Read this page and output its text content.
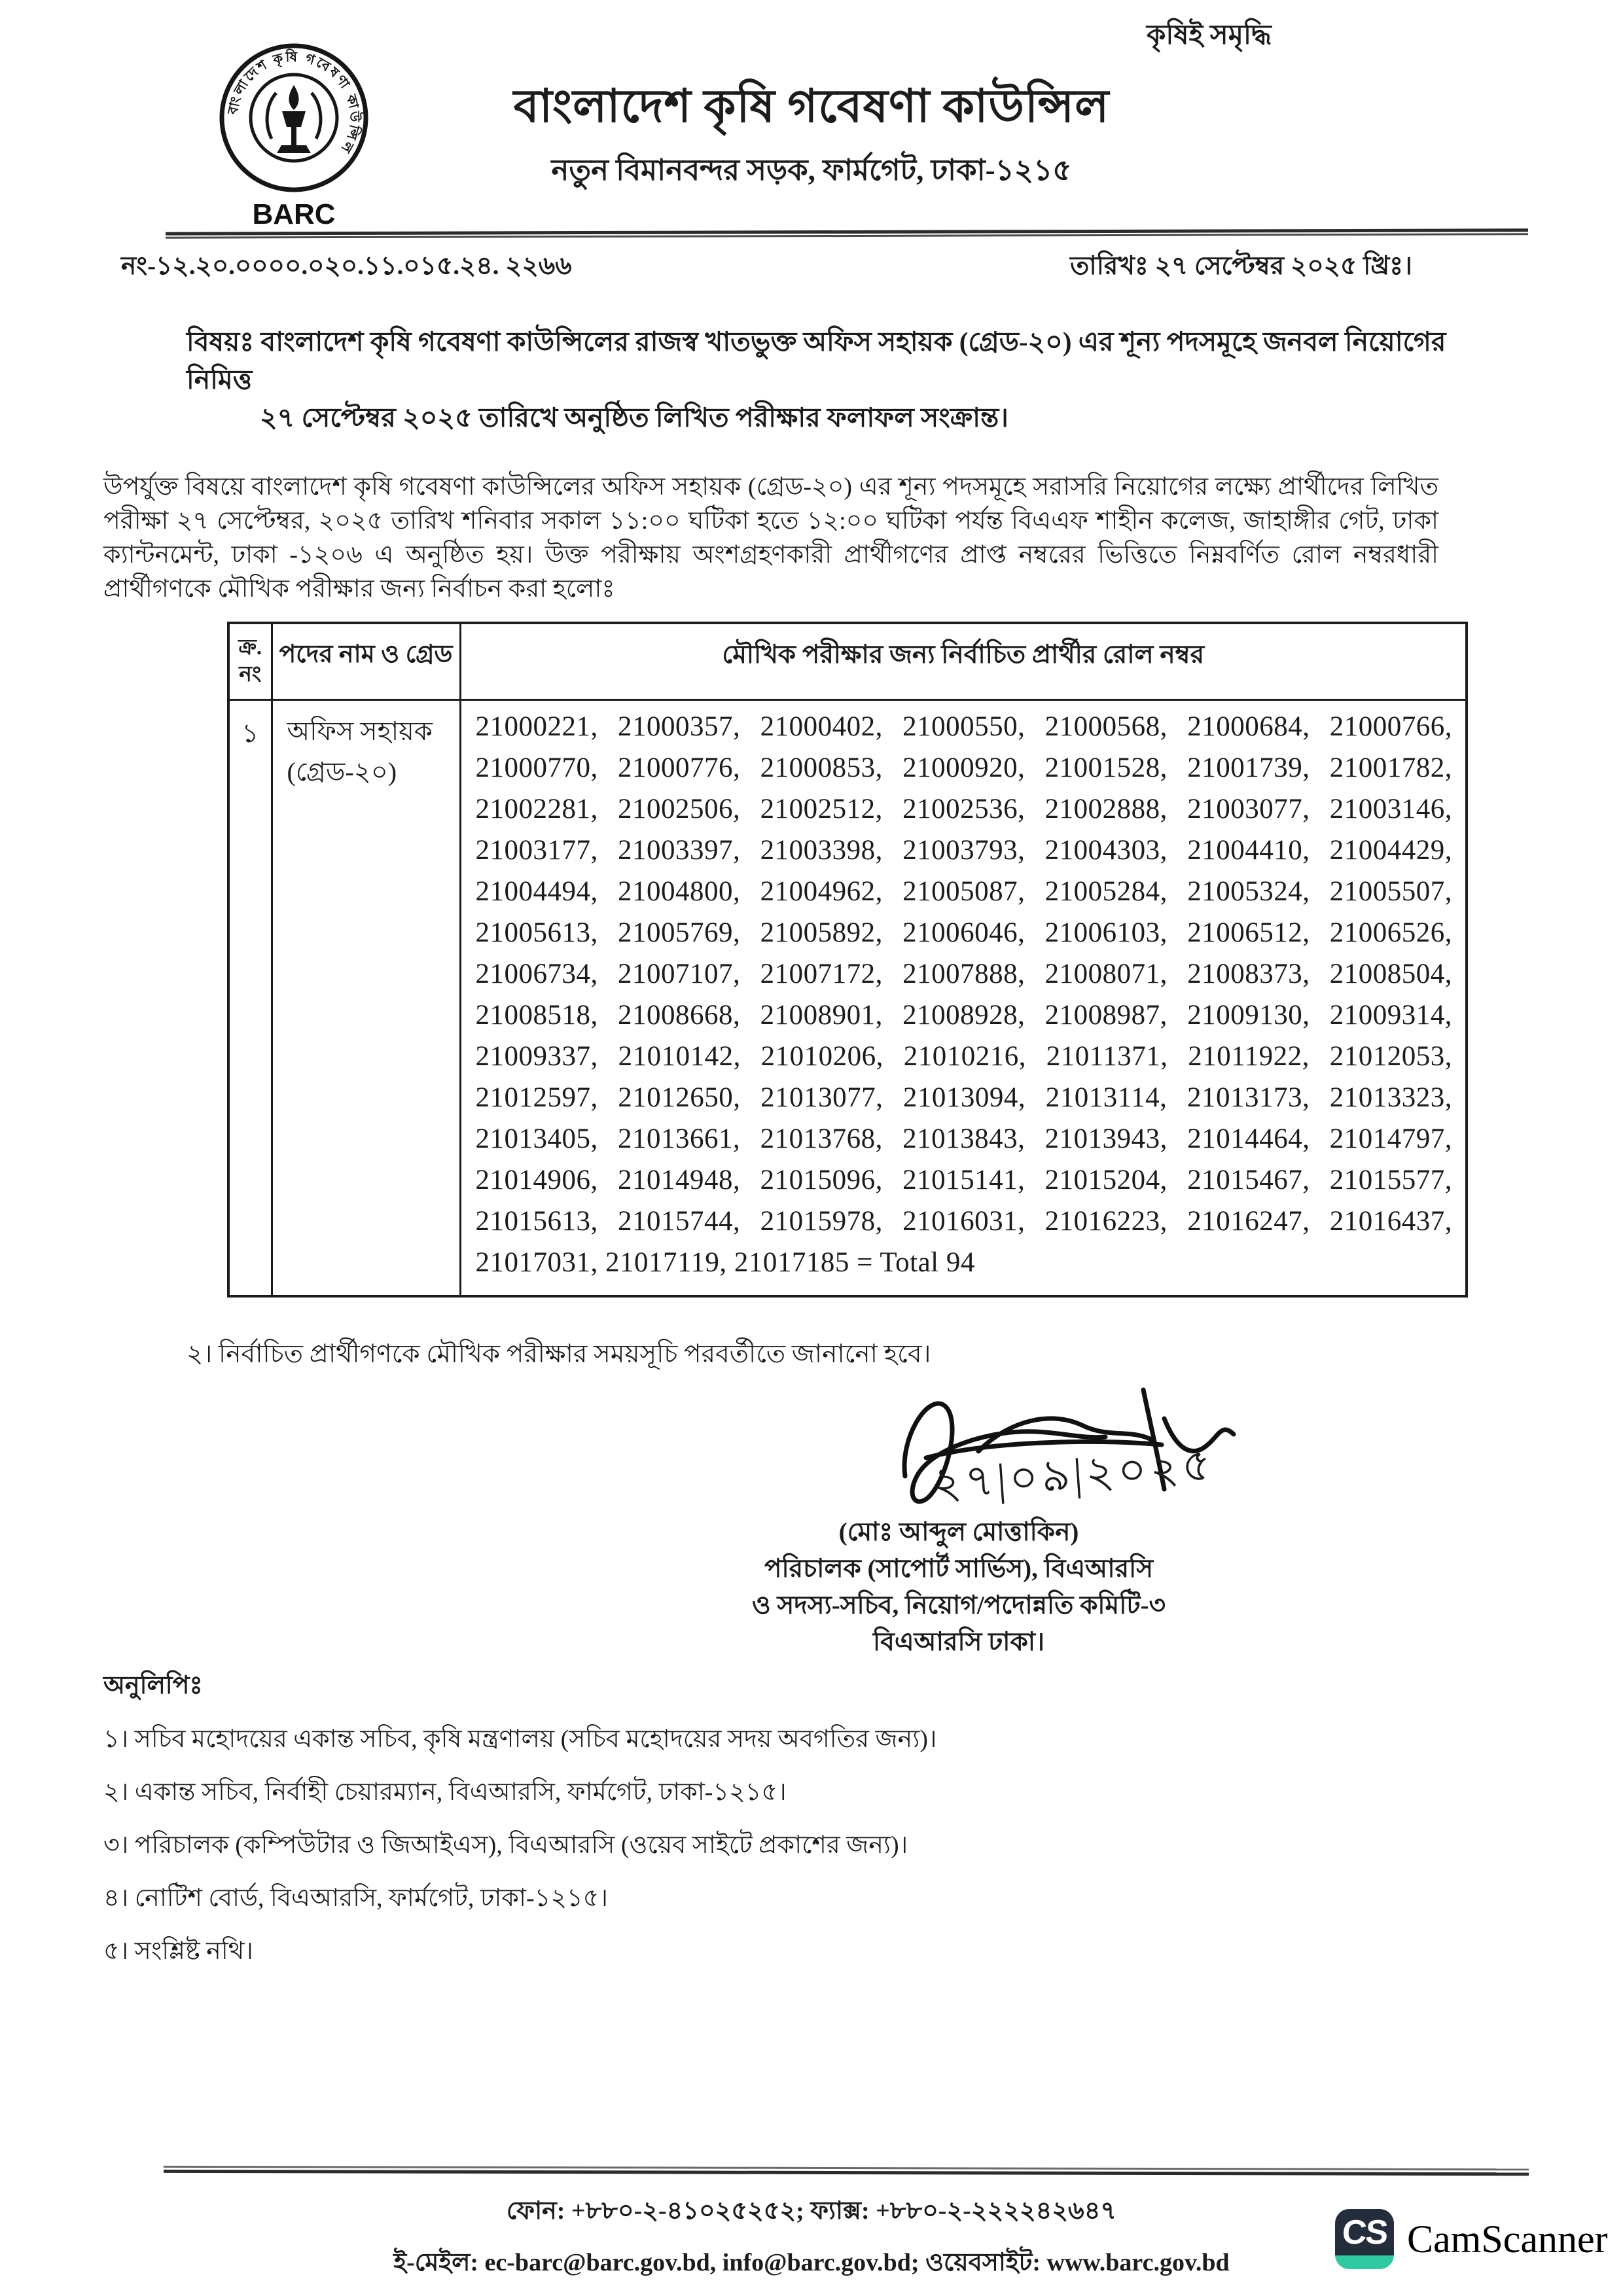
কৃষিই সমৃদ্ধি
বাংলাদেশ কৃষি গবেষণা কাউন্সিল
BARC
বাংলাদেশ কৃষি গবেষণা কাউন্সিল
নতুন বিমানবন্দর সড়ক, ফার্মগেট, ঢাকা-১২১৫
নং-১২.২০.০০০০.০২০.১১.০১৫.২৪. ২২৬৬	তারিখঃ ২৭ সেপ্টেম্বর ২০২৫ খ্রিঃ।
বিষয়ঃ বাংলাদেশ কৃষি গবেষণা কাউন্সিলের রাজস্ব খাতভুক্ত অফিস সহায়ক (গ্রেড-২০) এর শূন্য পদসমূহে জনবল নিয়োগের নিমিত্ত
২৭ সেপ্টেম্বর ২০২৫ তারিখে অনুষ্ঠিত লিখিত পরীক্ষার ফলাফল সংক্রান্ত।
উপর্যুক্ত বিষয়ে বাংলাদেশ কৃষি গবেষণা কাউন্সিলের অফিস সহায়ক (গ্রেড-২০) এর শূন্য পদসমূহে সরাসরি নিয়োগের লক্ষ্যে প্রার্থীদের লিখিত পরীক্ষা ২৭ সেপ্টেম্বর, ২০২৫ তারিখ শনিবার সকাল ১১:০০ ঘটিকা হতে ১২:০০ ঘটিকা পর্যন্ত বিএএফ শাহীন কলেজ, জাহাঙ্গীর গেট, ঢাকা ক্যান্টনমেন্ট, ঢাকা -১২০৬ এ অনুষ্ঠিত হয়। উক্ত পরীক্ষায় অংশগ্রহণকারী প্রার্থীগণের প্রাপ্ত নম্বরের ভিত্তিতে নিম্নবর্ণিত রোল নম্বরধারী প্রার্থীগণকে মৌখিক পরীক্ষার জন্য নির্বাচন করা হলোঃ
ক্র.
নং	পদের নাম ও গ্রেড	মৌখিক পরীক্ষার জন্য নির্বাচিত প্রার্থীর রোল নম্বর
১	অফিস সহায়ক
(গ্রেড-২০)	21000221, 21000357, 21000402, 21000550, 21000568, 21000684, 21000766, 21000770, 21000776, 21000853, 21000920, 21001528, 21001739, 21001782, 21002281, 21002506, 21002512, 21002536, 21002888, 21003077, 21003146, 21003177, 21003397, 21003398, 21003793, 21004303, 21004410, 21004429, 21004494, 21004800, 21004962, 21005087, 21005284, 21005324, 21005507, 21005613, 21005769, 21005892, 21006046, 21006103, 21006512, 21006526, 21006734, 21007107, 21007172, 21007888, 21008071, 21008373, 21008504, 21008518, 21008668, 21008901, 21008928, 21008987, 21009130, 21009314, 21009337, 21010142, 21010206, 21010216, 21011371, 21011922, 21012053, 21012597, 21012650, 21013077, 21013094, 21013114, 21013173, 21013323, 21013405, 21013661, 21013768, 21013843, 21013943, 21014464, 21014797, 21014906, 21014948, 21015096, 21015141, 21015204, 21015467, 21015577, 21015613, 21015744, 21015978, 21016031, 21016223, 21016247, 21016437, 21017031, 21017119, 21017185 = Total 94
২। নির্বাচিত প্রার্থীগণকে মৌখিক পরীক্ষার সময়সূচি পরবর্তীতে জানানো হবে।
২৭|০৯|২০২৫
(মোঃ আব্দুল মোত্তাকিন)
পরিচালক (সাপোর্ট সার্ভিস), বিএআরসি
ও সদস্য-সচিব, নিয়োগ/পদোন্নতি কমিটি-৩
বিএআরসি ঢাকা।
অনুলিপিঃ
১। সচিব মহোদয়ের একান্ত সচিব, কৃষি মন্ত্রণালয় (সচিব মহোদয়ের সদয় অবগতির জন্য)।
২। একান্ত সচিব, নির্বাহী চেয়ারম্যান, বিএআরসি, ফার্মগেট, ঢাকা-১২১৫।
৩। পরিচালক (কম্পিউটার ও জিআইএস), বিএআরসি (ওয়েব সাইটে প্রকাশের জন্য)।
৪। নোটিশ বোর্ড, বিএআরসি, ফার্মগেট, ঢাকা-১২১৫।
৫। সংশ্লিষ্ট নথি।
ফোন: +৮৮০-২-৪১০২৫২৫২; ফ্যাক্স: +৮৮০-২-২২২২৪২৬৪৭
ই-মেইল: ec-barc@barc.gov.bd, info@barc.gov.bd; ওয়েবসাইট: www.barc.gov.bd
CS CamScanner
